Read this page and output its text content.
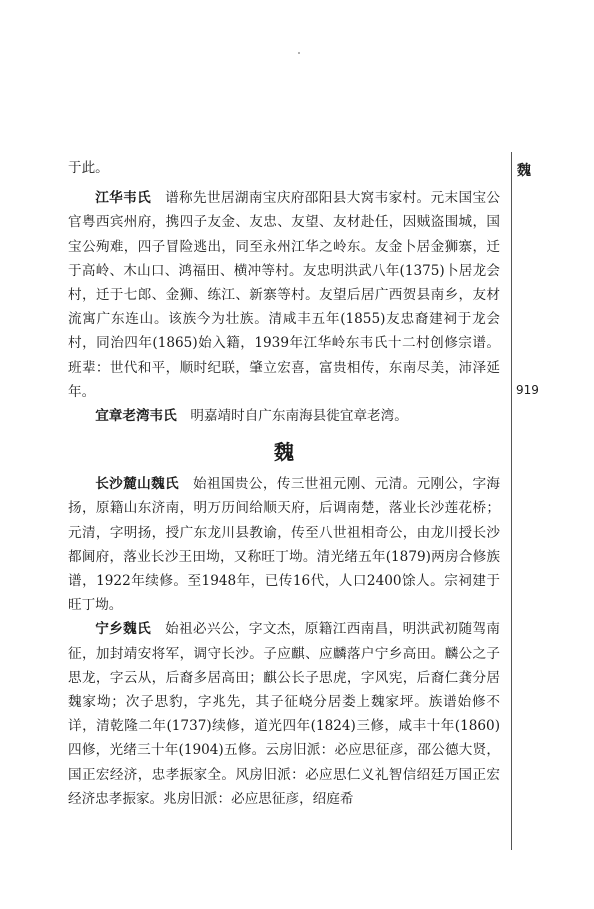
于此。

江华韦氏　 谱称先世居湖南宝庆府邵阳县大窝韦家村。元末国宝公官粤西宾州府，携四子友金、友忠、友望、友材赴任，因贼盗围城，国宝公殉难，四子冒险逃出，同至永州江华之岭东。友金卜居金狮寨，迁于高岭、木山口、鸿福田、横冲等村。友忠明洪武八年(1375)卜居龙会村，迁于七郎、金狮、练江、新寨等村。友望后居广西贺县南乡，友材流寓广东连山。该族今为壮族。清咸丰五年(1855)友忠裔建祠于龙会村，同治四年(1865)始入籍，1939年江华岭东韦氏十二村创修宗谱。班辈：世代和平，顺时纪联，肇立宏喜，富贵相传，东南尽美，沛泽延年。

宜章老湾韦氏　 明嘉靖时自广东南海县徙宜章老湾。

魏

长沙麓山魏氏　 始祖国贵公，传三世祖元刚、元清。元刚公，字海扬，原籍山东济南，明万历间给顺天府，后调南楚，落业长沙莲花桥；元清，字明扬，授广东龙川县教谕，传至八世祖相奇公，由龙川授长沙都阃府，落业长沙王田坳，又称旺丁坳。清光绪五年(1879)两房合修族谱，1922年续修。至1948年，已传16代，人口2400馀人。宗祠建于旺丁坳。

宁乡魏氏　 始祖必兴公，字文杰，原籍江西南昌，明洪武初随驾南征，加封靖安将军，调守长沙。子应麒、应麟落户宁乡高田。麟公之子思龙，字云从，后裔多居高田；麒公长子思虎，字风宪，后裔仁龚分居魏家坳；次子思豹，字兆先，其子征峣分居娄上魏家坪。族谱始修不详，清乾隆二年(1737)续修，道光四年(1824)三修，咸丰十年(1860)四修，光绪三十年(1904)五修。云房旧派：必应思征彦，邵公德大贤，国正宏经济，忠孝振家全。风房旧派：必应思仁义礼智信绍廷万国正宏经济忠孝振家。兆房旧派：必应思征彦，绍庭希

魏
919
